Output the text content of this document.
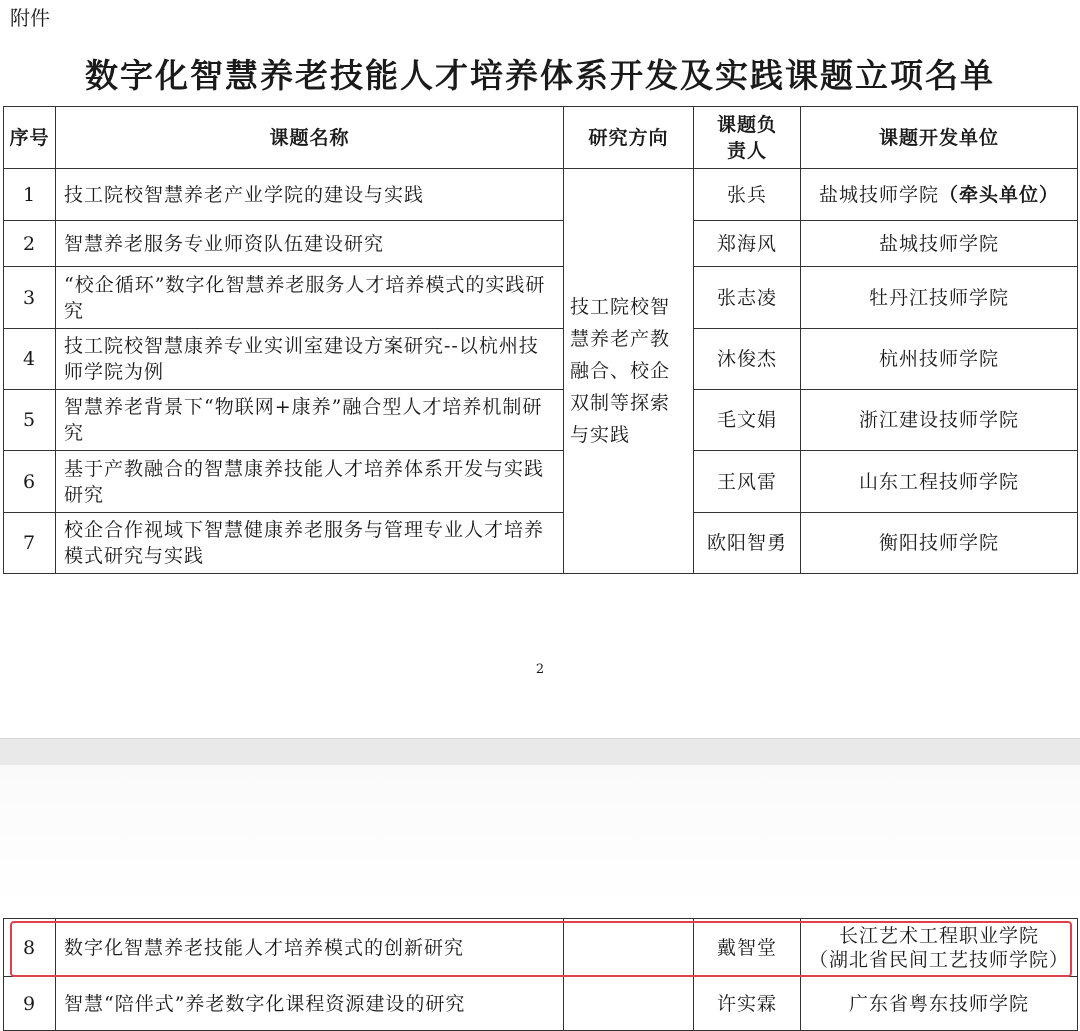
附件
数字化智慧养老技能人才培养体系开发及实践课题立项名单
序号	课题名称	研究方向	课题负责人	课题开发单位
1	技工院校智慧养老产业学院的建设与实践	技工院校智慧养老产教融合、校企双制等探索与实践	张兵	盐城技师学院（牵头单位）
2	智慧养老服务专业师资队伍建设研究		郑海风	盐城技师学院
3	“校企循环”数字化智慧养老服务人才培养模式的实践研究		张志凌	牡丹江技师学院
4	技工院校智慧康养专业实训室建设方案研究--以杭州技师学院为例		沐俊杰	杭州技师学院
5	智慧养老背景下“物联网+康养”融合型人才培养机制研究		毛文娟	浙江建设技师学院
6	基于产教融合的智慧康养技能人才培养体系开发与实践研究		王风雷	山东工程技师学院
7	校企合作视域下智慧健康养老服务与管理专业人才培养模式研究与实践		欧阳智勇	衡阳技师学院
2
8	数字化智慧养老技能人才培养模式的创新研究		戴智堂	长江艺术工程职业学院
（湖北省民间工艺技师学院）

9	智慧“陪伴式”养老数字化课程资源建设的研究		许实霖	广东省粤东技师学院
